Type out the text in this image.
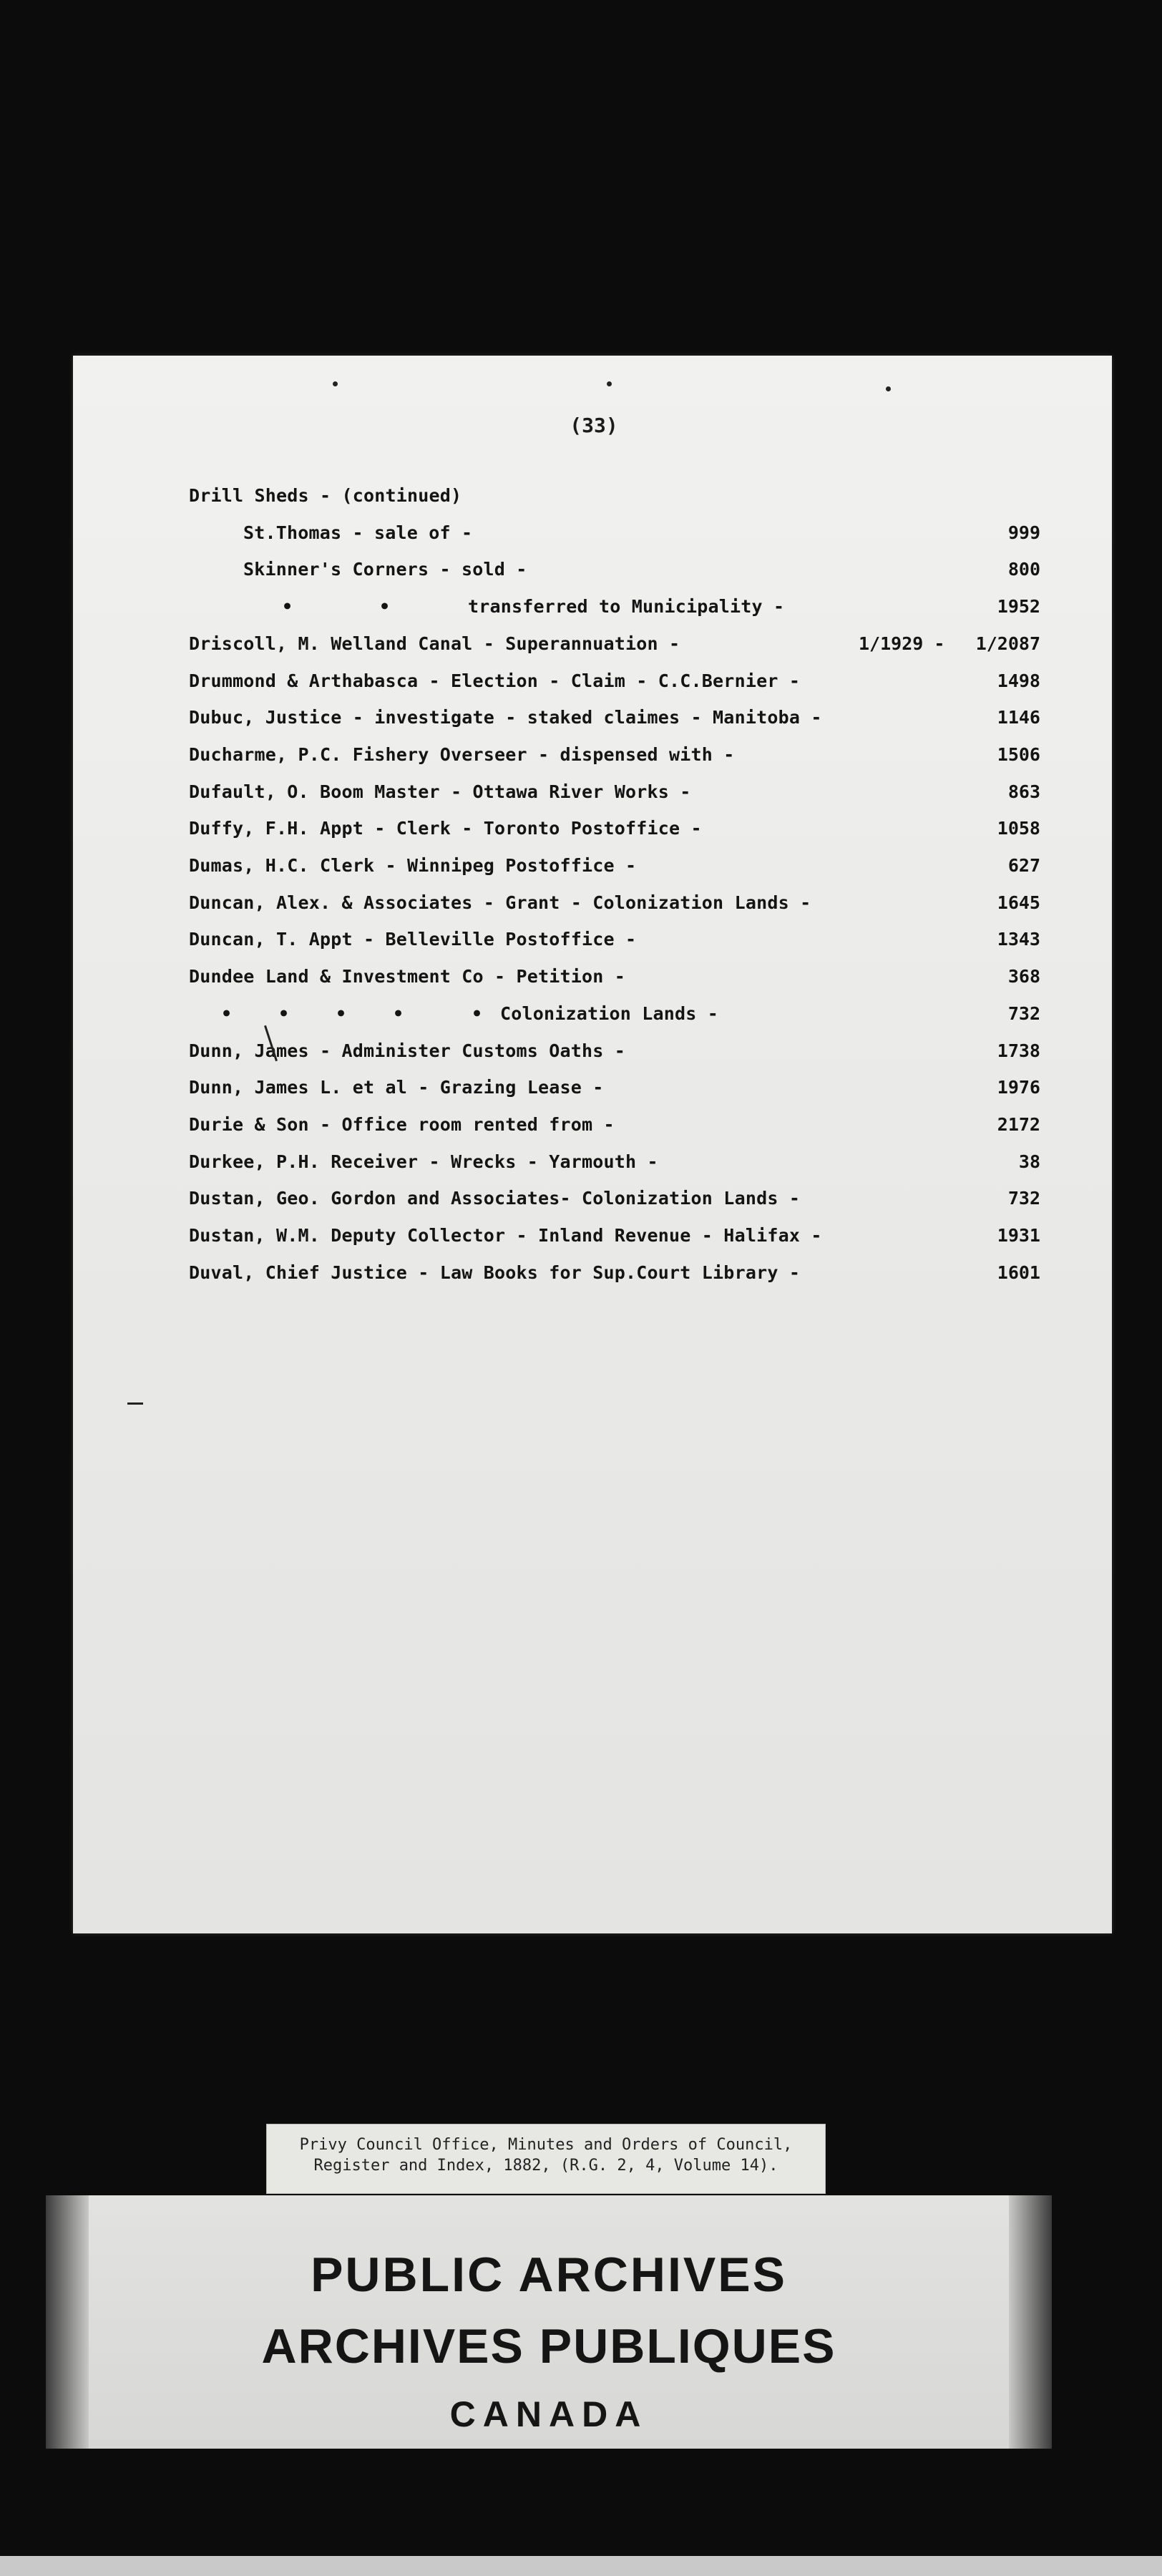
(33)
Drill Sheds - (continued)
St.Thomas - sale of -	999
Skinner's Corners - sold -	800
transferred to Municipality -	1952
•	•
Driscoll, M. Welland Canal - Superannuation -	1/1929 - 1/2087
Drummond & Arthabasca - Election - Claim - C.C.Bernier -	1498
Dubuc, Justice - investigate - staked claimes - Manitoba -	1146
Ducharme, P.C. Fishery Overseer - dispensed with -	1506
Dufault, O. Boom Master - Ottawa River Works -	863
Duffy, F.H. Appt - Clerk - Toronto Postoffice -	1058
Dumas, H.C. Clerk - Winnipeg Postoffice -	627
Duncan, Alex. & Associates - Grant - Colonization Lands -	1645
Duncan, T. Appt - Belleville Postoffice -	1343
Dundee Land & Investment Co - Petition -	368
Colonization Lands -	732
•	•	•	•	•
Dunn, James - Administer Customs Oaths -	1738
Dunn, James L. et al - Grazing Lease -	1976
Durie & Son - Office room rented from -	2172
Durkee, P.H. Receiver - Wrecks - Yarmouth -	38
Dustan, Geo. Gordon and Associates- Colonization Lands -	732
Dustan, W.M. Deputy Collector - Inland Revenue - Halifax -	1931
Duval, Chief Justice - Law Books for Sup.Court Library -	1601
Privy Council Office, Minutes and Orders of Council,
Register and Index, 1882, (R.G. 2, 4, Volume 14).
PUBLIC ARCHIVES
ARCHIVES PUBLIQUES
CANADA
